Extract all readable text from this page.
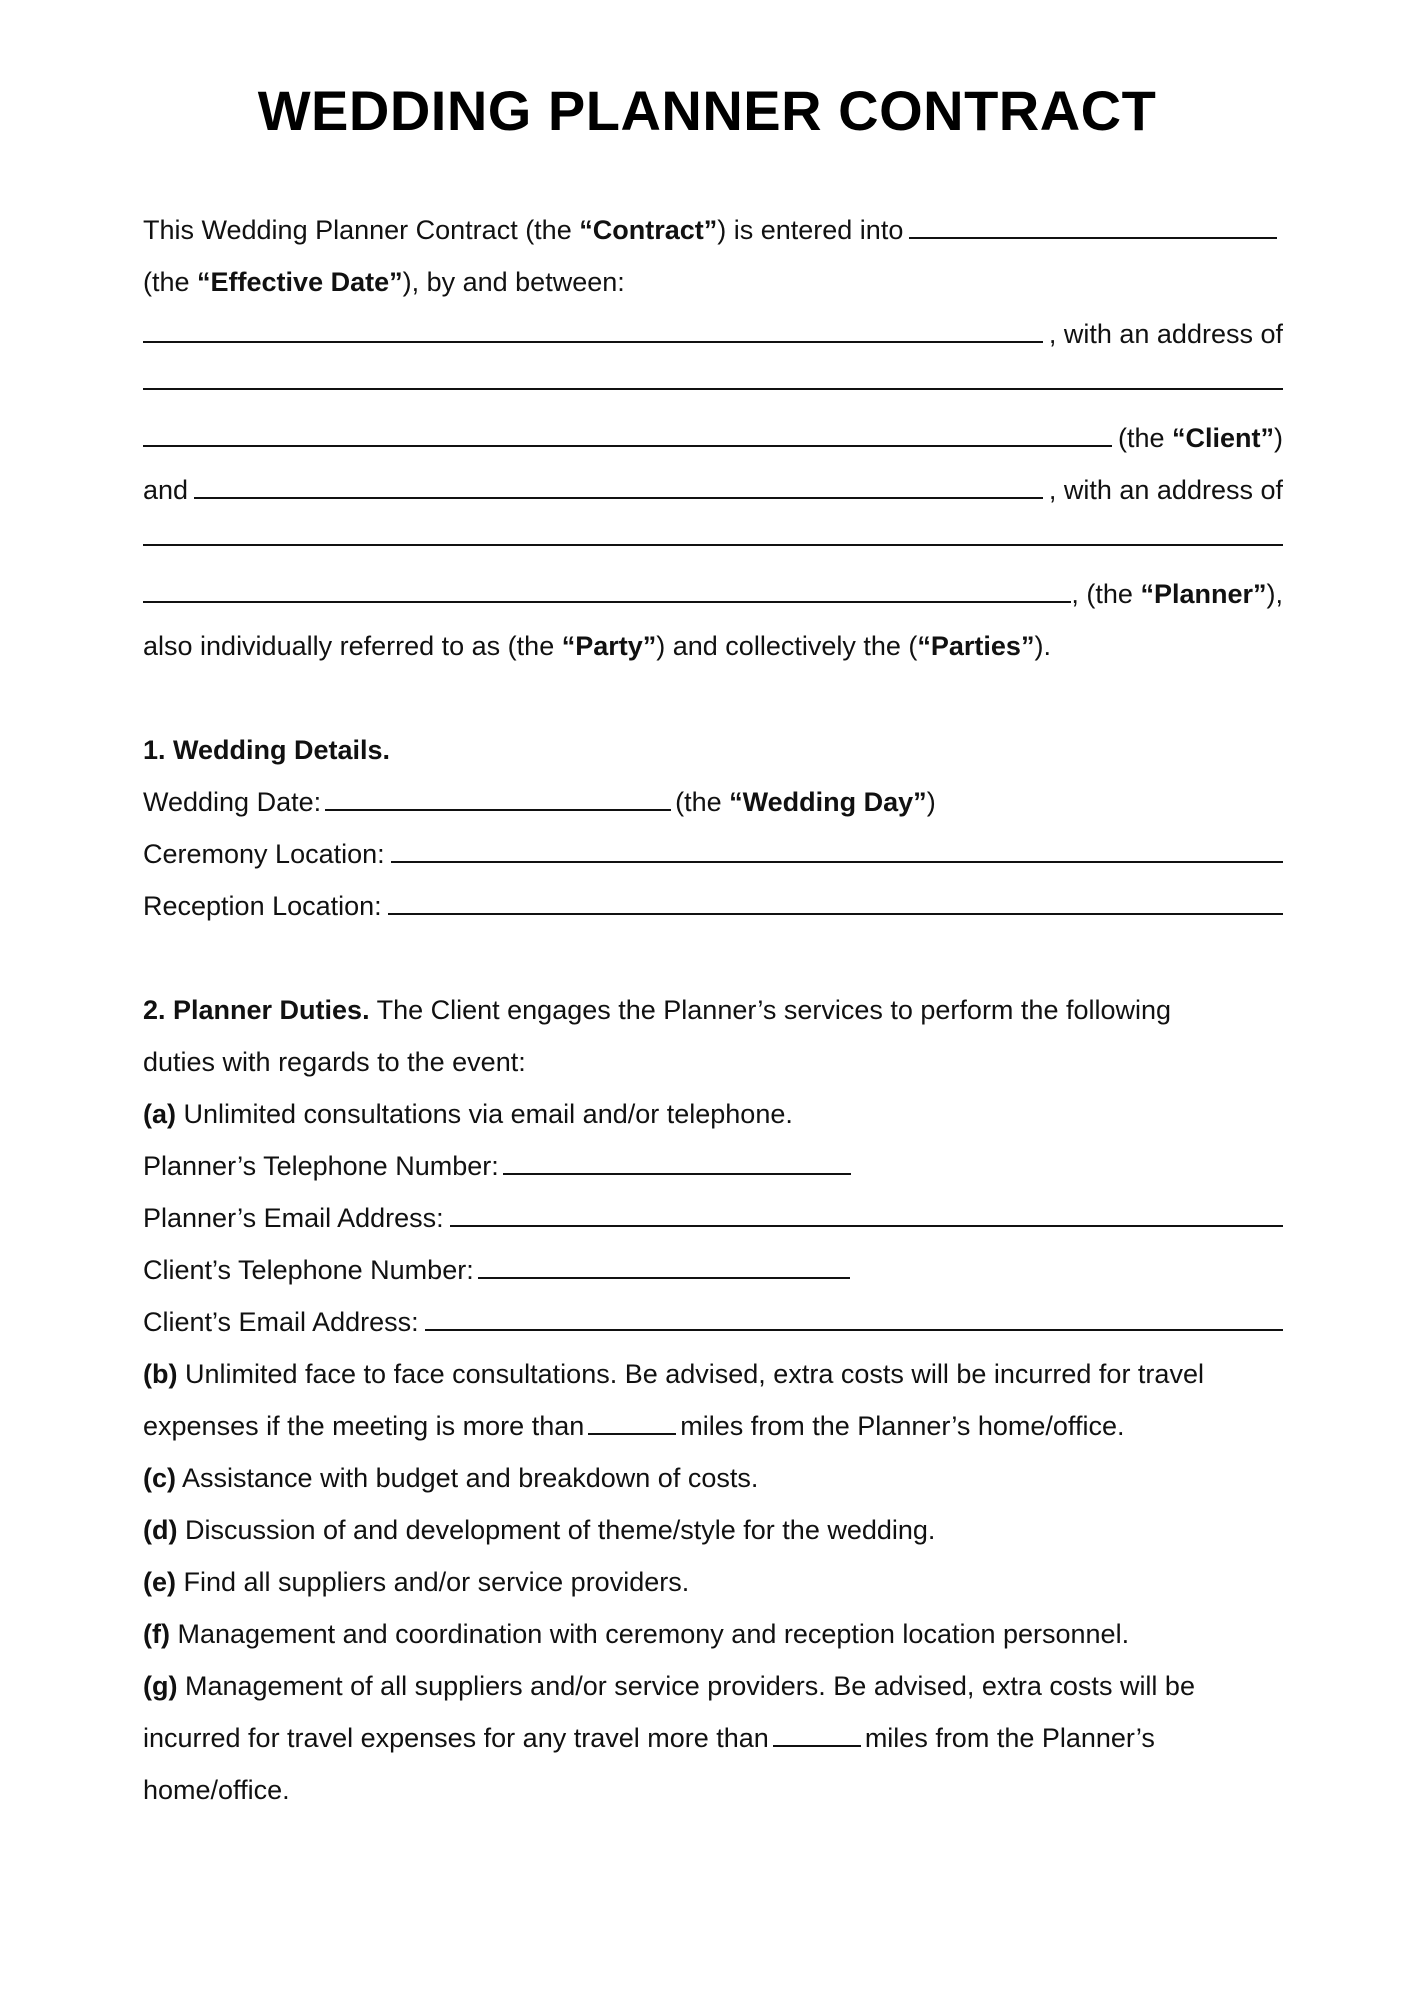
WEDDING PLANNER CONTRACT
This Wedding Planner Contract (the “Contract”) is entered into
(the “Effective Date”), by and between:
, with an address of
(the “Client”)
and	, with an address of
, (the “Planner”),
also individually referred to as (the “Party”) and collectively the (“Parties”).
1. Wedding Details.
Wedding Date:	(the “Wedding Day”)
Ceremony Location:
Reception Location:
2. Planner Duties. The Client engages the Planner’s services to perform the following
duties with regards to the event:
(a) Unlimited consultations via email and/or telephone.
Planner’s Telephone Number:
Planner’s Email Address:
Client’s Telephone Number:
Client’s Email Address:
(b) Unlimited face to face consultations. Be advised, extra costs will be incurred for travel
expenses if the meeting is more than	miles from the Planner’s home/office.
(c) Assistance with budget and breakdown of costs.
(d) Discussion of and development of theme/style for the wedding.
(e) Find all suppliers and/or service providers.
(f) Management and coordination with ceremony and reception location personnel.
(g) Management of all suppliers and/or service providers. Be advised, extra costs will be
incurred for travel expenses for any travel more than	miles from the Planner’s
home/office.
